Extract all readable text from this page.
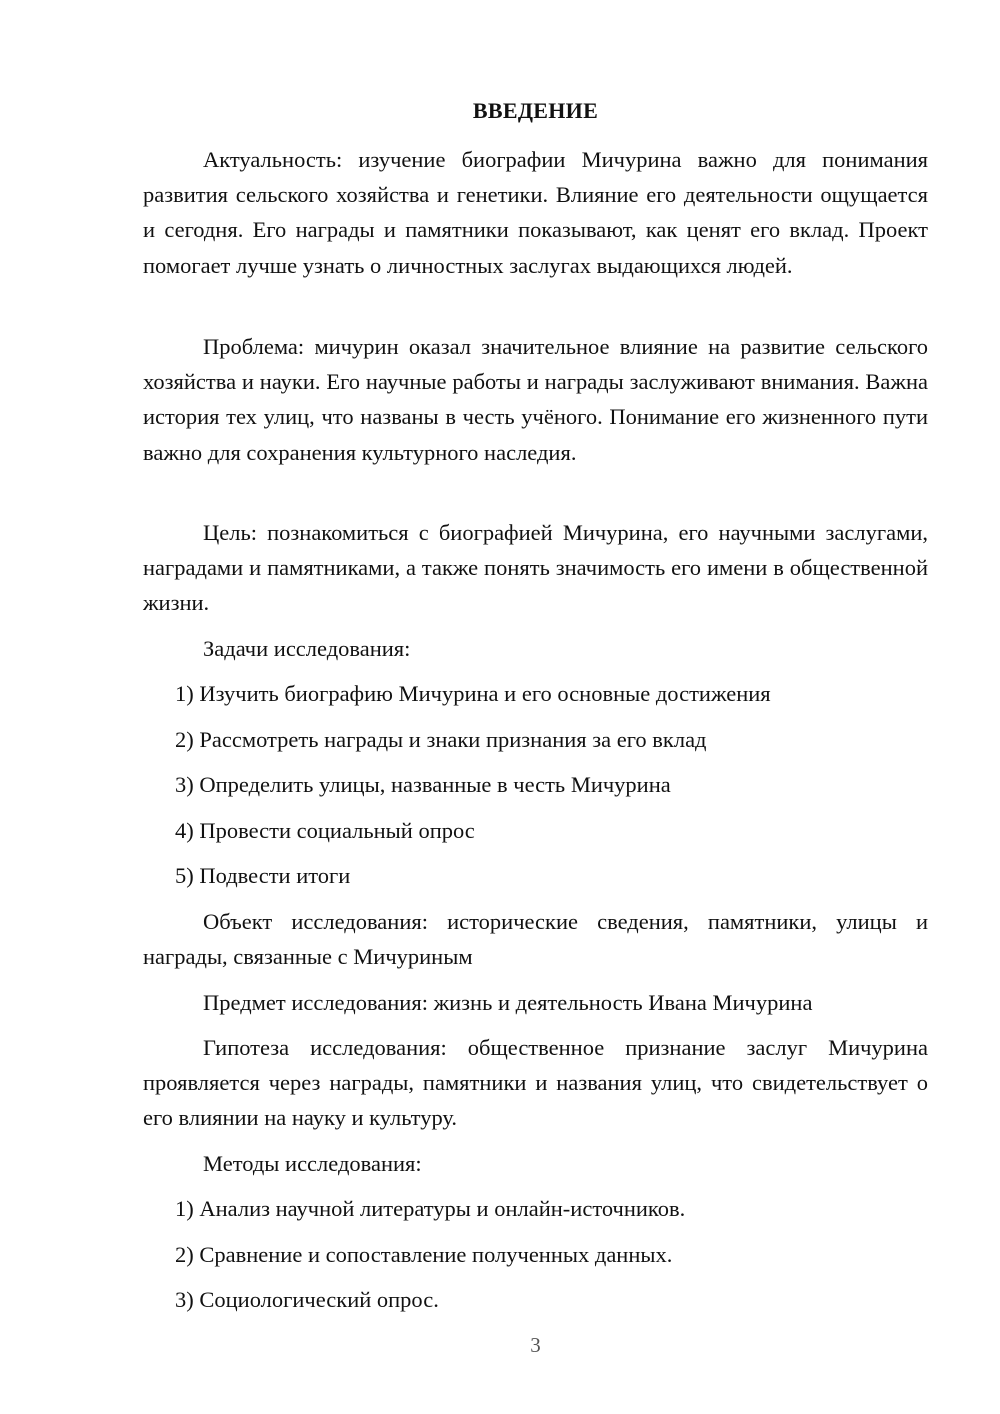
ВВЕДЕНИЕ

Актуальность: изучение биографии Мичурина важно для понимания развития сельского хозяйства и генетики. Влияние его деятельности ощущается и сегодня. Его награды и памятники показывают, как ценят его вклад. Проект помогает лучше узнать о личностных заслугах выдающихся людей.

Проблема: мичурин оказал значительное влияние на развитие сельского хозяйства и науки. Его научные работы и награды заслуживают внимания. Важна история тех улиц, что названы в честь учёного. Понимание его жизненного пути важно для сохранения культурного наследия.

Цель: познакомиться с биографией Мичурина, его научными заслугами, наградами и памятниками, а также понять значимость его имени в общественной жизни.

Задачи исследования:

1) Изучить биографию Мичурина и его основные достижения

2) Рассмотреть награды и знаки признания за его вклад

3) Определить улицы, названные в честь Мичурина

4) Провести социальный опрос

5) Подвести итоги

Объект исследования: исторические сведения, памятники, улицы и награды, связанные с Мичуриным

Предмет исследования: жизнь и деятельность Ивана Мичурина

Гипотеза исследования: общественное признание заслуг Мичурина проявляется через награды, памятники и названия улиц, что свидетельствует о его влиянии на науку и культуру.

Методы исследования:

1) Анализ научной литературы и онлайн-источников.

2) Сравнение и сопоставление полученных данных.

3) Социологический опрос.

3
